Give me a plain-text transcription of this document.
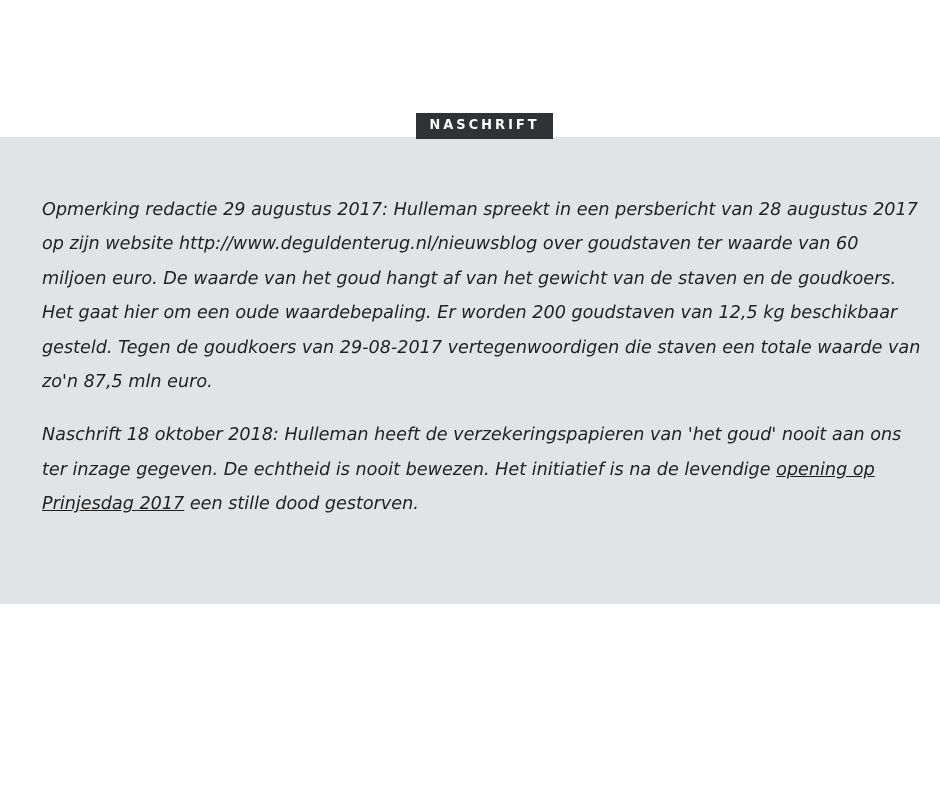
NASCHRIFT

Opmerking redactie 29 augustus 2017: Hulleman spreekt in een persbericht van 28 augustus 2017 op zijn website http://www.deguldenterug.nl/nieuwsblog over goudstaven ter waarde van 60 miljoen euro. De waarde van het goud hangt af van het gewicht van de staven en de goudkoers. Het gaat hier om een oude waardebepaling. Er worden 200 goudstaven van 12,5 kg beschikbaar gesteld. Tegen de goudkoers van 29-08-2017 vertegenwoordigen die staven een totale waarde van zo'n 87,5 mln euro.

Naschrift 18 oktober 2018: Hulleman heeft de verzekeringspapieren van 'het goud' nooit aan ons ter inzage gegeven. De echtheid is nooit bewezen. Het initiatief is na de levendige opening op Prinjesdag 2017 een stille dood gestorven.
